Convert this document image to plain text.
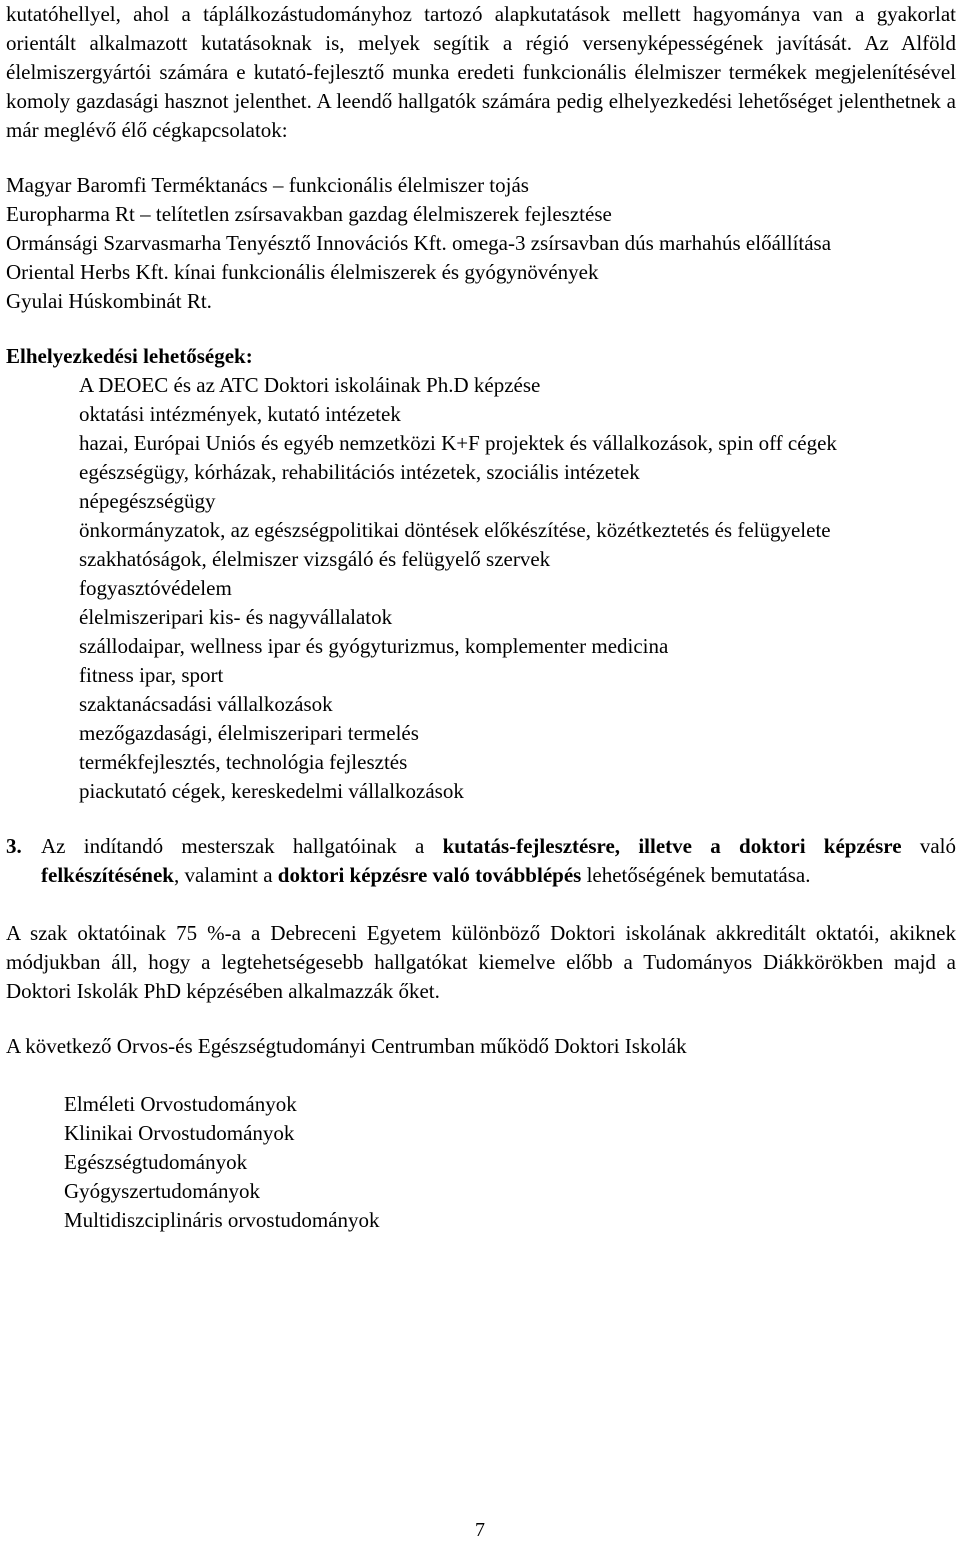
kutatóhellyel, ahol a táplálkozástudományhoz tartozó alapkutatások mellett hagyománya van a gyakorlat orientált alkalmazott kutatásoknak is, melyek segítik a régió versenyképességének javítását. Az Alföld élelmiszergyártói számára e kutató-fejlesztő munka eredeti funkcionális élelmiszer termékek megjelenítésével komoly gazdasági hasznot jelenthet. A leendő hallgatók számára pedig elhelyezkedési lehetőséget jelenthetnek a már meglévő élő cégkapcsolatok:

Magyar Baromfi Terméktanács – funkcionális élelmiszer tojás

Europharma Rt – telítetlen zsírsavakban gazdag élelmiszerek fejlesztése

Ormánsági Szarvasmarha Tenyésztő Innovációs Kft. omega-3 zsírsavban dús marhahús előállítása

Oriental Herbs Kft. kínai funkcionális élelmiszerek és gyógynövények

Gyulai Húskombinát Rt.

Elhelyezkedési lehetőségek:

A DEOEC és az ATC Doktori iskoláinak Ph.D képzése

oktatási intézmények, kutató intézetek

hazai, Európai Uniós és egyéb nemzetközi K+F projektek és vállalkozások, spin off cégek

egészségügy, kórházak, rehabilitációs intézetek, szociális intézetek

népegészségügy

önkormányzatok, az egészségpolitikai döntések előkészítése, közétkeztetés és felügyelete

szakhatóságok, élelmiszer vizsgáló és felügyelő szervek

fogyasztóvédelem

élelmiszeripari kis- és nagyvállalatok

szállodaipar, wellness ipar és gyógyturizmus, komplementer medicina

fitness ipar, sport

szaktanácsadási vállalkozások

mezőgazdasági, élelmiszeripari termelés

termékfejlesztés, technológia fejlesztés

piackutató cégek, kereskedelmi vállalkozások

3. Az indítandó mesterszak hallgatóinak a kutatás-fejlesztésre, illetve a doktori képzésre való felkészítésének, valamint a doktori képzésre való továbblépés lehetőségének bemutatása.

A szak oktatóinak 75 %-a a Debreceni Egyetem különböző Doktori iskolának akkreditált oktatói, akiknek módjukban áll, hogy a legtehetségesebb hallgatókat kiemelve előbb a Tudományos Diákkörökben majd a Doktori Iskolák PhD képzésében alkalmazzák őket.

A következő Orvos-és Egészségtudományi Centrumban működő Doktori Iskolák

Elméleti Orvostudományok

Klinikai Orvostudományok

Egészségtudományok

Gyógyszertudományok

Multidiszciplináris orvostudományok

7
